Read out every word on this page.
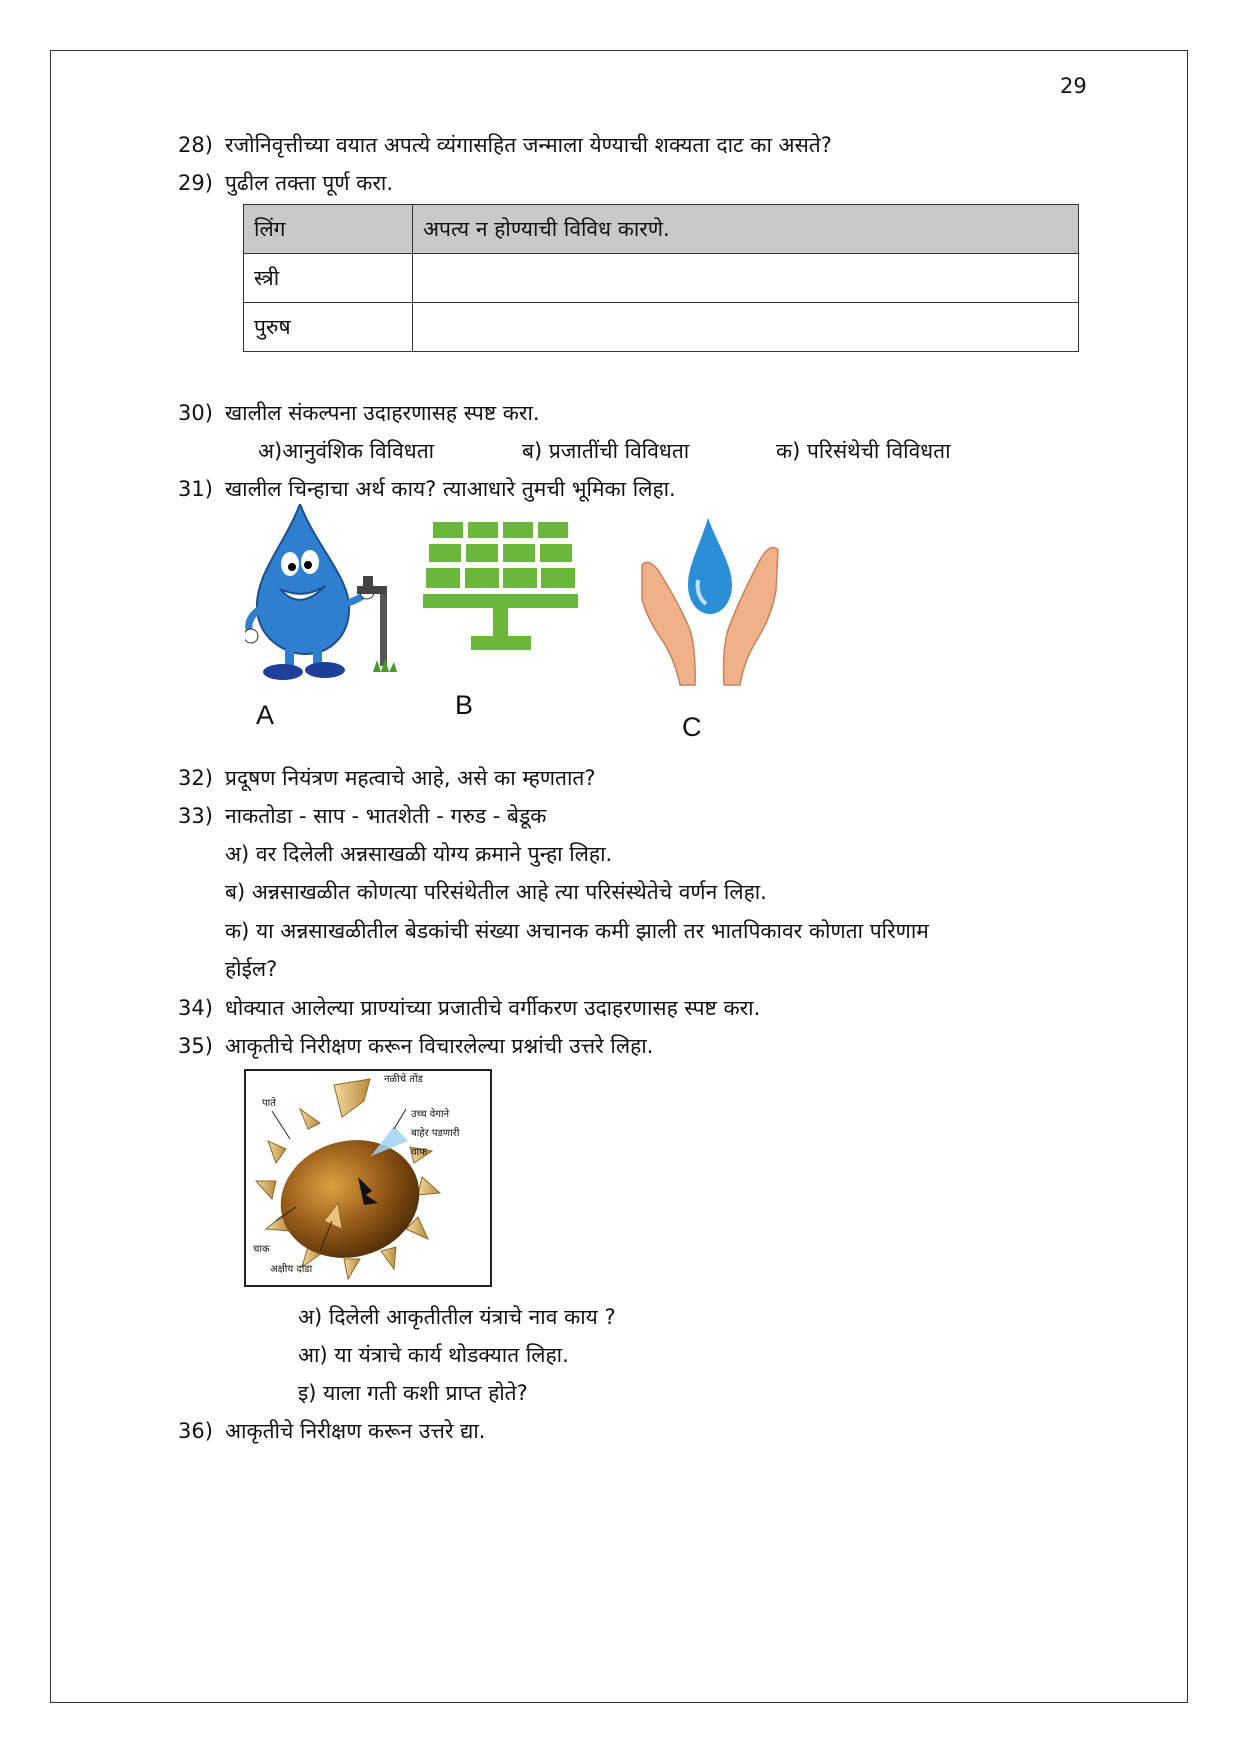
29
28) रजोनिवृत्तीच्या वयात अपत्ये व्यंगासहित जन्माला येण्याची शक्यता दाट का असते?
29) पुढील तक्ता पूर्ण करा.
लिंग	अपत्य न होण्याची विविध कारणे.
स्त्री	
पुरुष	
30) खालील संकल्पना उदाहरणासह स्पष्ट करा.
अ)आनुवंशिक विविधता	ब) प्रजातींची विविधता	क) परिसंथेची विविधता
31) खालील चिन्हाचा अर्थ काय? त्याआधारे तुमची भूमिका लिहा.
A	B
C
32) प्रदूषण नियंत्रण महत्वाचे आहे, असे का म्हणतात?
33) नाकतोडा - साप - भातशेती - गरुड - बेडूक
अ) वर दिलेली अन्नसाखळी योग्य क्रमाने पुन्हा लिहा.
ब) अन्नसाखळीत कोणत्या परिसंथेतील आहे त्या परिसंस्थेतेचे वर्णन लिहा.
क) या अन्नसाखळीतील बेडकांची संख्या अचानक कमी झाली तर भातपिकावर कोणता परिणाम
होईल?
34) धोक्यात आलेल्या प्राण्यांच्या प्रजातीचे वर्गीकरण उदाहरणासह स्पष्ट करा.
35) आकृतीचे निरीक्षण करून विचारलेल्या प्रश्नांची उत्तरे लिहा.
नळीचे तोंड
पाते
उच्च वेगाने
बाहेर पडणारी
वाफ
चाक
अक्षीय दांडा
अ) दिलेली आकृतीतील यंत्राचे नाव काय ?
आ) या यंत्राचे कार्य थोडक्यात लिहा.
इ) याला गती कशी प्राप्त होते?
36) आकृतीचे निरीक्षण करून उत्तरे द्या.
